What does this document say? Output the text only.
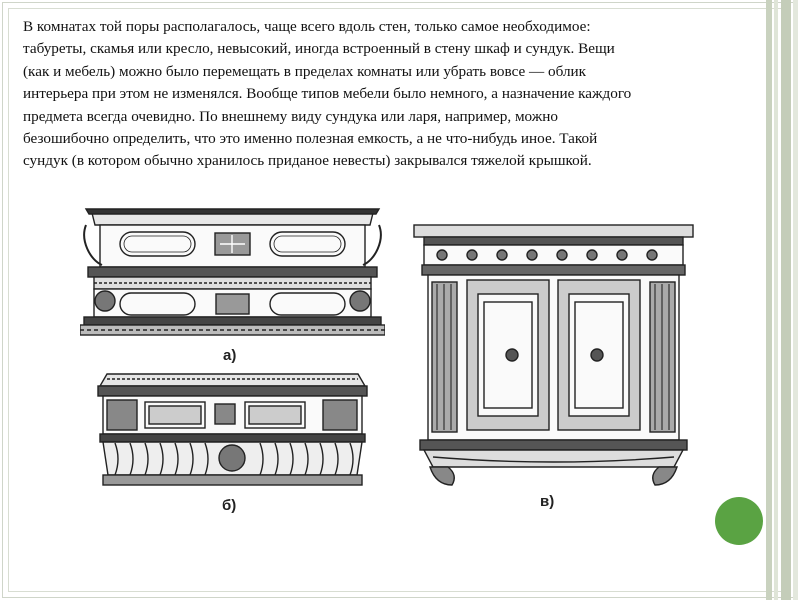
В комнатах той поры располагалось, чаще всего вдоль стен, только самое необходимое:
табуреты, скамья или кресло, невысокий, иногда встроенный в стену шкаф и сундук. Вещи
(как и мебель) можно было перемещать в пределах комнаты или убрать вовсе — облик
интерьера при этом не изменялся. Вообще типов мебели было немного, а назначение каждого
предмета всегда очевидно. По внешнему виду сундука или ларя, например, можно
безошибочно определить, что это именно полезная емкость, а не что-нибудь иное. Такой
сундук (в котором обычно хранилось приданое невесты) закрывался тяжелой крышкой.
а)
б)	в)
